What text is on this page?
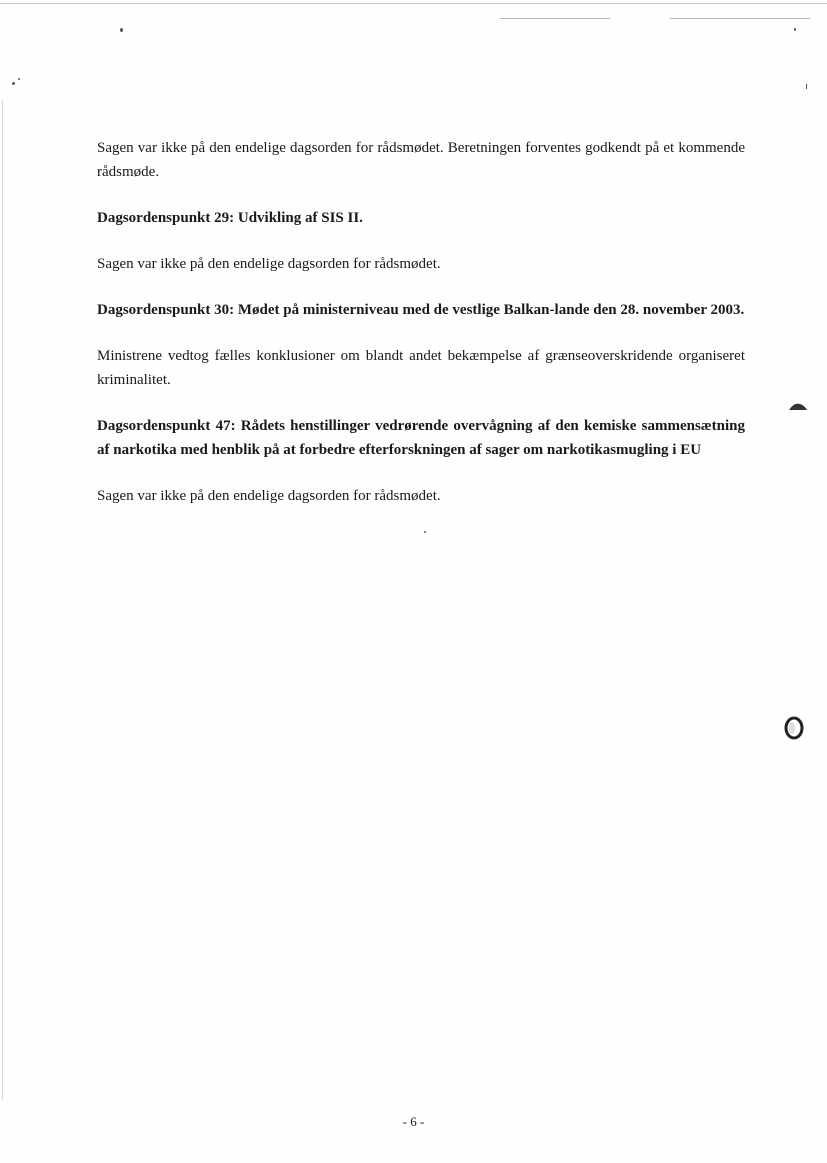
Sagen var ikke på den endelige dagsorden for rådsmødet. Beretningen forventes godkendt på et kommende rådsmøde.

Dagsordenspunkt 29: Udvikling af SIS II.

Sagen var ikke på den endelige dagsorden for rådsmødet.

Dagsordenspunkt 30: Mødet på ministerniveau med de vestlige Balkan-lande den 28. november 2003.

Ministrene vedtog fælles konklusioner om blandt andet bekæmpelse af grænseoverskridende organiseret kriminalitet.

Dagsordenspunkt 47: Rådets henstillinger vedrørende overvågning af den kemiske sammensætning af narkotika med henblik på at forbedre efterforskningen af sager om narkotikasmugling i EU

Sagen var ikke på den endelige dagsorden for rådsmødet.

- 6 -
